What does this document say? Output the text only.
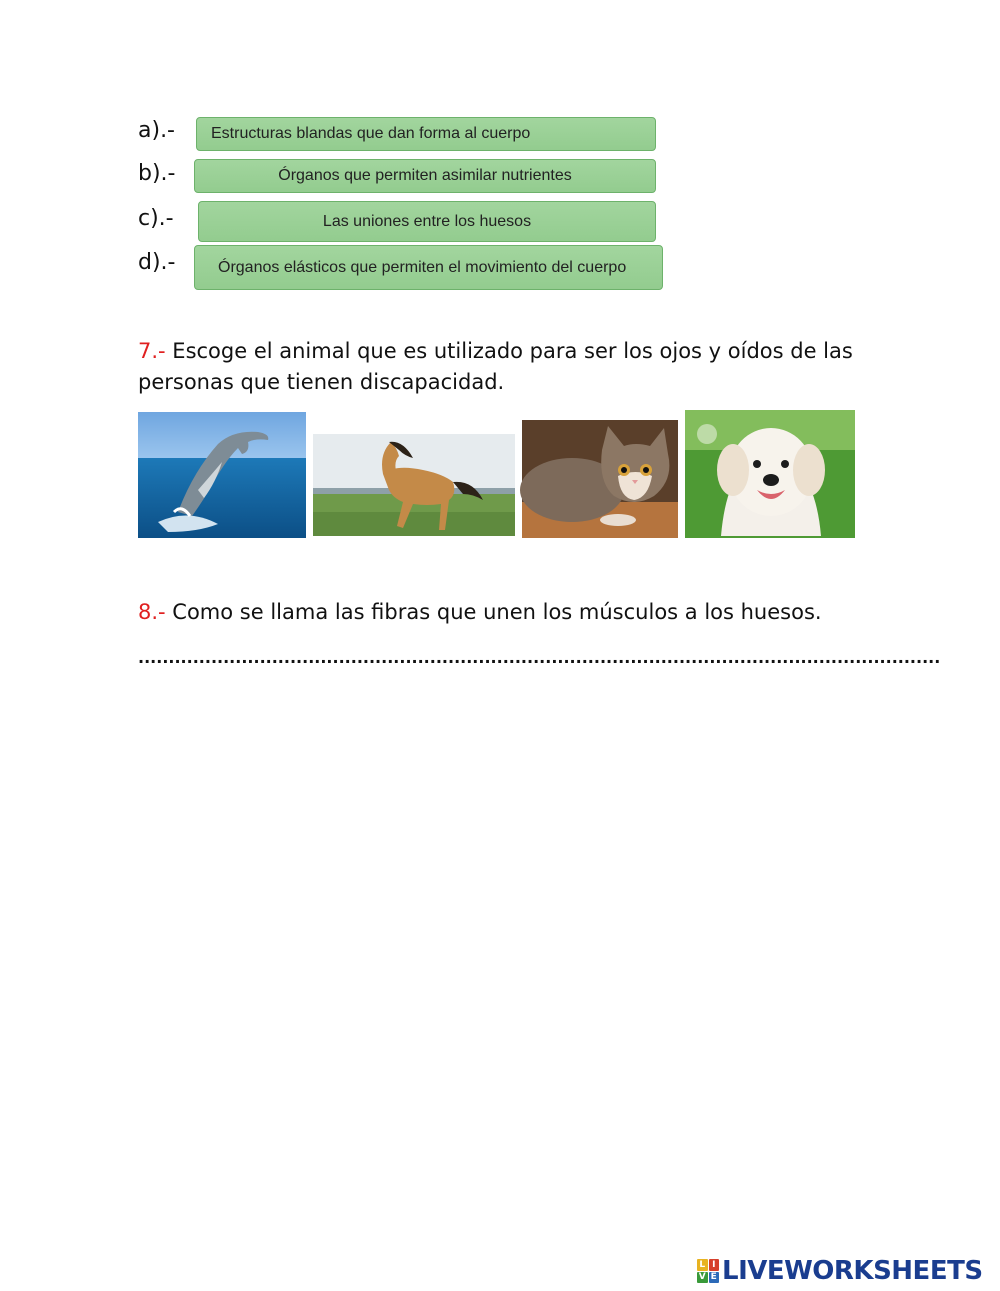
a).-	Estructuras blandas que dan forma al cuerpo
b).-	Órganos que permiten asimilar nutrientes
c).-	Las uniones entre los huesos
d).-	Órganos elásticos que permiten el movimiento del cuerpo
7.- Escoge el animal que es utilizado para ser los ojos y oídos de las personas que tienen discapacidad.
8.- Como se llama las fibras que unen los músculos a los huesos.
....................................................................................................................................
L I
V E LIVEWORKSHEETS
